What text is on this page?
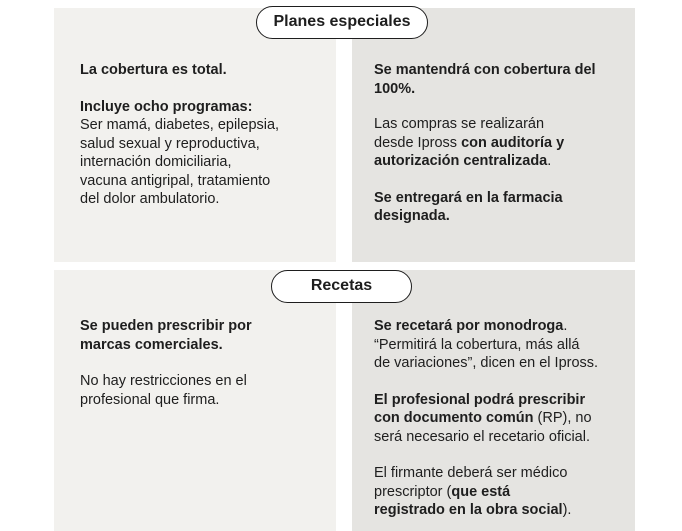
Planes especiales

La cobertura es total.

Incluye ocho programas:

Ser mamá, diabetes, epilepsia,

salud sexual y reproductiva,

internación domiciliaria,

vacuna antigripal, tratamiento

del dolor ambulatorio.

Se mantendrá con cobertura del

100%.

Las compras se realizarán

desde Ipross con auditoría y

autorización centralizada.

Se entregará en la farmacia

designada.

Recetas

Se pueden prescribir por

marcas comerciales.

No hay restricciones en el

profesional que firma.

Se recetará por monodroga.

“Permitirá la cobertura, más allá

de variaciones”, dicen en el Ipross.

El profesional podrá prescribir

con documento común (RP), no

será necesario el recetario oficial.

El firmante deberá ser médico

prescriptor (que está

registrado en la obra social).
